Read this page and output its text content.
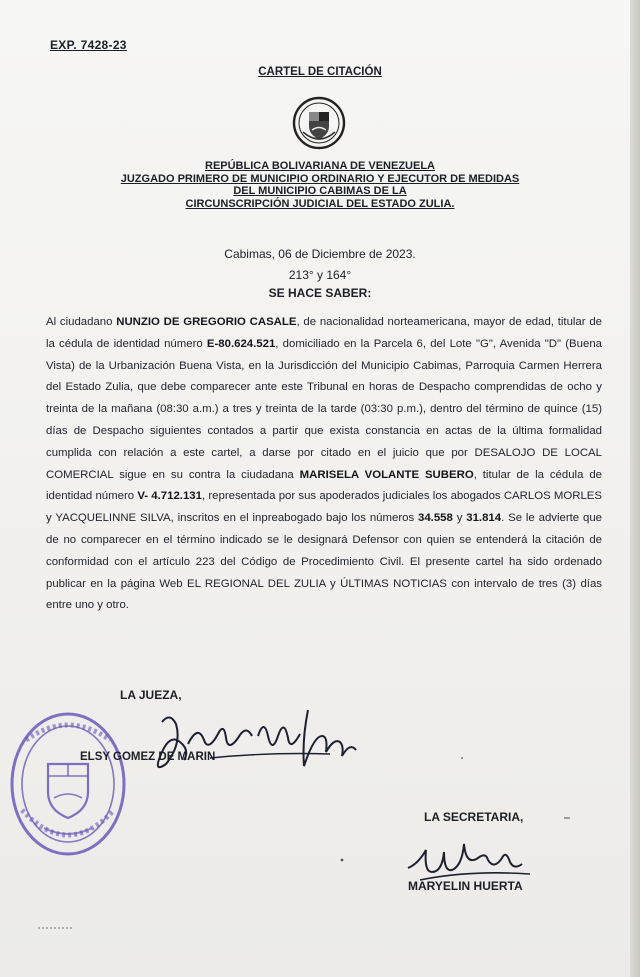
EXP. 7428-23
CARTEL DE CITACIÓN
REPÚBLICA BOLIVARIANA DE VENEZUELA
JUZGADO PRIMERO DE MUNICIPIO ORDINARIO Y EJECUTOR DE MEDIDAS
DEL MUNICIPIO CABIMAS DE LA
CIRCUNSCRIPCIÓN JUDICIAL DEL ESTADO ZULIA.
Cabimas, 06 de Diciembre de 2023.
213° y 164°
SE HACE SABER:
Al ciudadano NUNZIO DE GREGORIO CASALE, de nacionalidad norteamericana, mayor de edad, titular de la cédula de identidad número E-80.624.521, domiciliado en la Parcela 6, del Lote "G", Avenida "D" (Buena Vista) de la Urbanización Buena Vista, en la Jurisdicción del Municipio Cabimas, Parroquia Carmen Herrera del Estado Zulia, que debe comparecer ante este Tribunal en horas de Despacho comprendidas de ocho y treinta de la mañana (08:30 a.m.) a tres y treinta de la tarde (03:30 p.m.), dentro del término de quince (15) días de Despacho siguientes contados a partir que exista constancia en actas de la última formalidad cumplida con relación a este cartel, a darse por citado en el juicio que por DESALOJO DE LOCAL COMERCIAL sigue en su contra la ciudadana MARISELA VOLANTE SUBERO, titular de la cédula de identidad número V- 4.712.131, representada por sus apoderados judiciales los abogados CARLOS MORLES y YACQUELINNE SILVA, inscritos en el inpreabogado bajo los números 34.558 y 31.814. Se le advierte que de no comparecer en el término indicado se le designará Defensor con quien se entenderá la citación de conformidad con el artículo 223 del Código de Procedimiento Civil. El presente cartel ha sido ordenado publicar en la página Web EL REGIONAL DEL ZULIA y ÚLTIMAS NOTICIAS con intervalo de tres (3) días entre uno y otro.
LA JUEZA,
ELSY GOMEZ DE MARIN
LA SECRETARIA,
MARYELIN HUERTA
